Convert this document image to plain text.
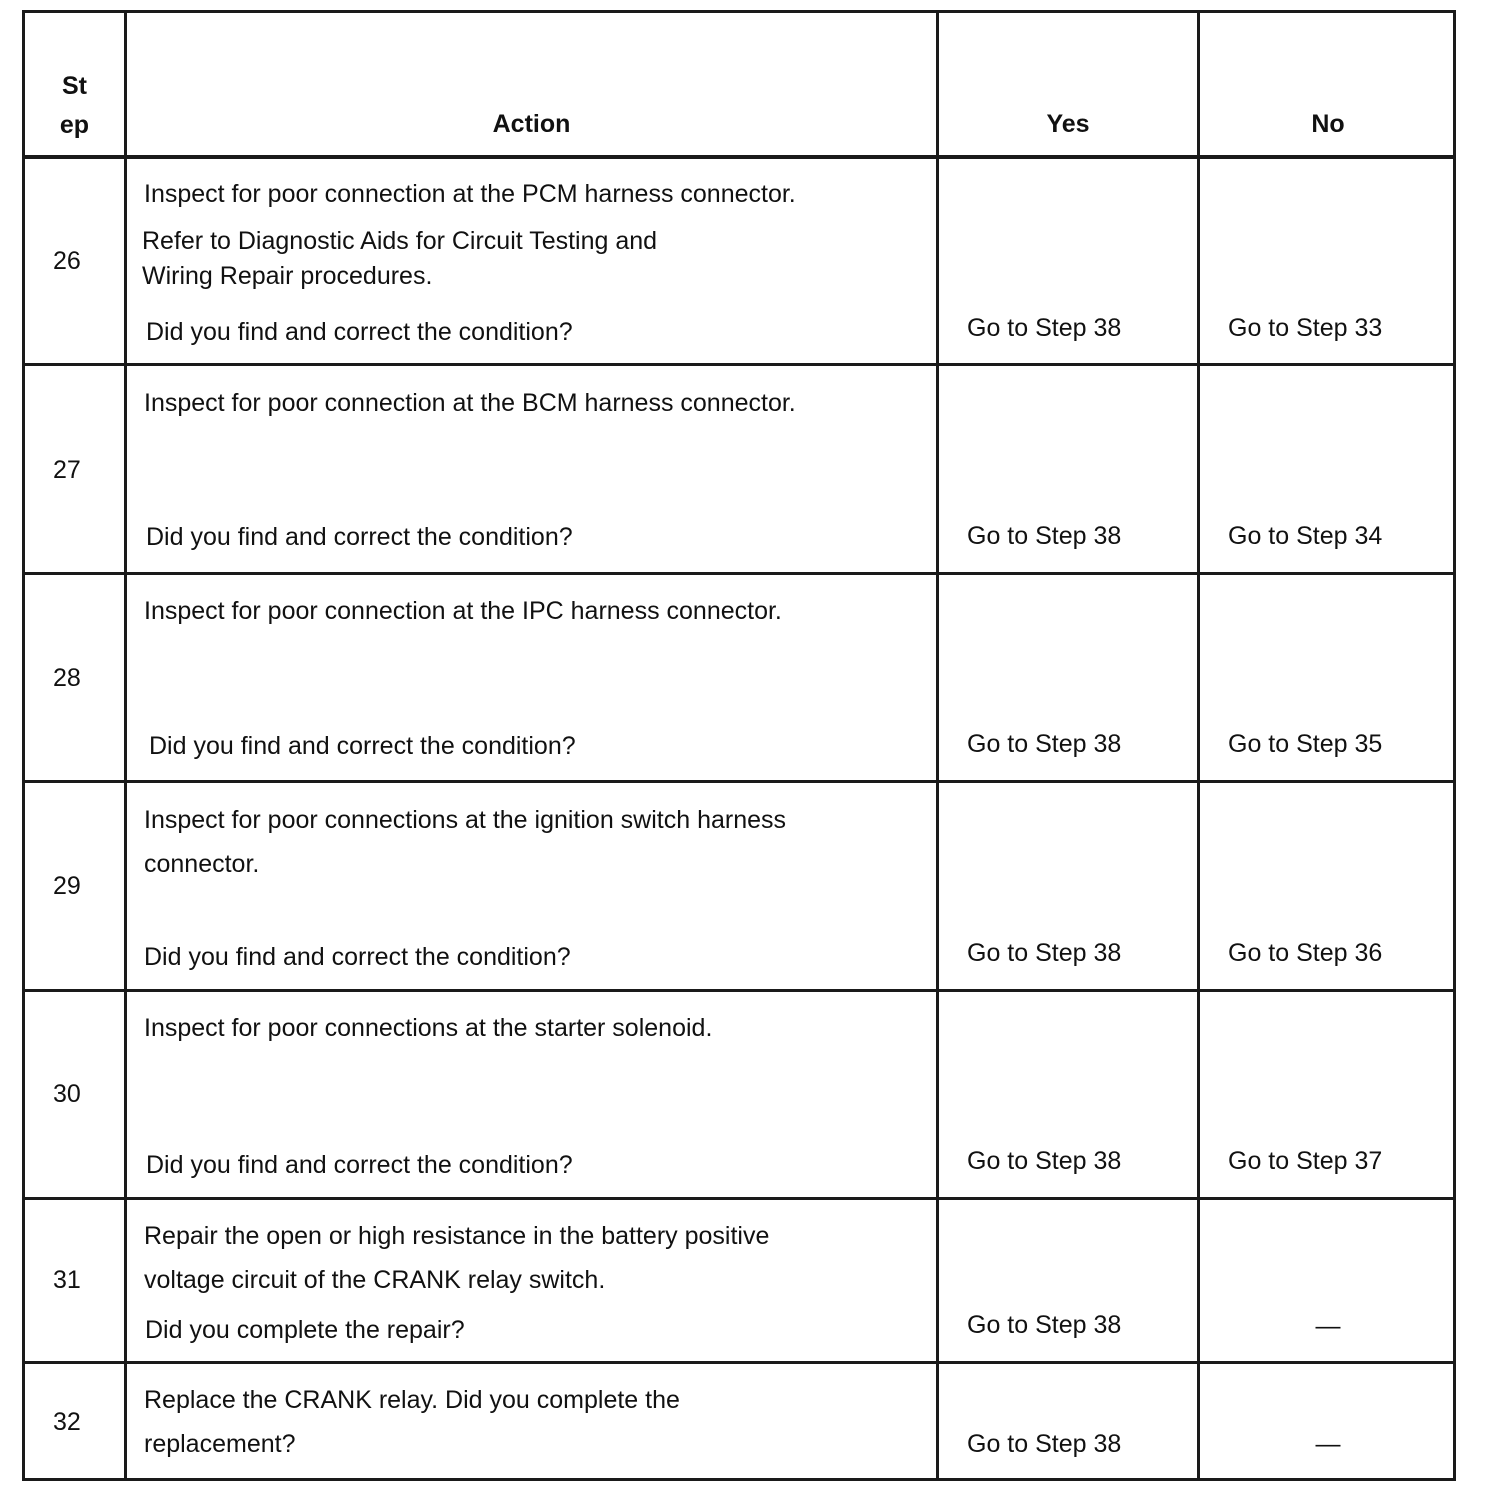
St
ep	Action	Yes	No
26
Inspect for poor connection at the PCM harness connector.
Refer to Diagnostic Aids for Circuit Testing and
Wiring Repair procedures.
Did you find and correct the condition?	Go to Step 38	Go to Step 33
27
Inspect for poor connection at the BCM harness connector.
Did you find and correct the condition?	Go to Step 38	Go to Step 34
28
Inspect for poor connection at the IPC harness connector.
Did you find and correct the condition?	Go to Step 38	Go to Step 35
29
Inspect for poor connections at the ignition switch harness
connector.
Did you find and correct the condition?	Go to Step 38	Go to Step 36
30
Inspect for poor connections at the starter solenoid.
Did you find and correct the condition?	Go to Step 38	Go to Step 37
31
Repair the open or high resistance in the battery positive
voltage circuit of the CRANK relay switch.
Did you complete the repair?	Go to Step 38	—
32
Replace the CRANK relay. Did you complete the
replacement?	Go to Step 38	—
